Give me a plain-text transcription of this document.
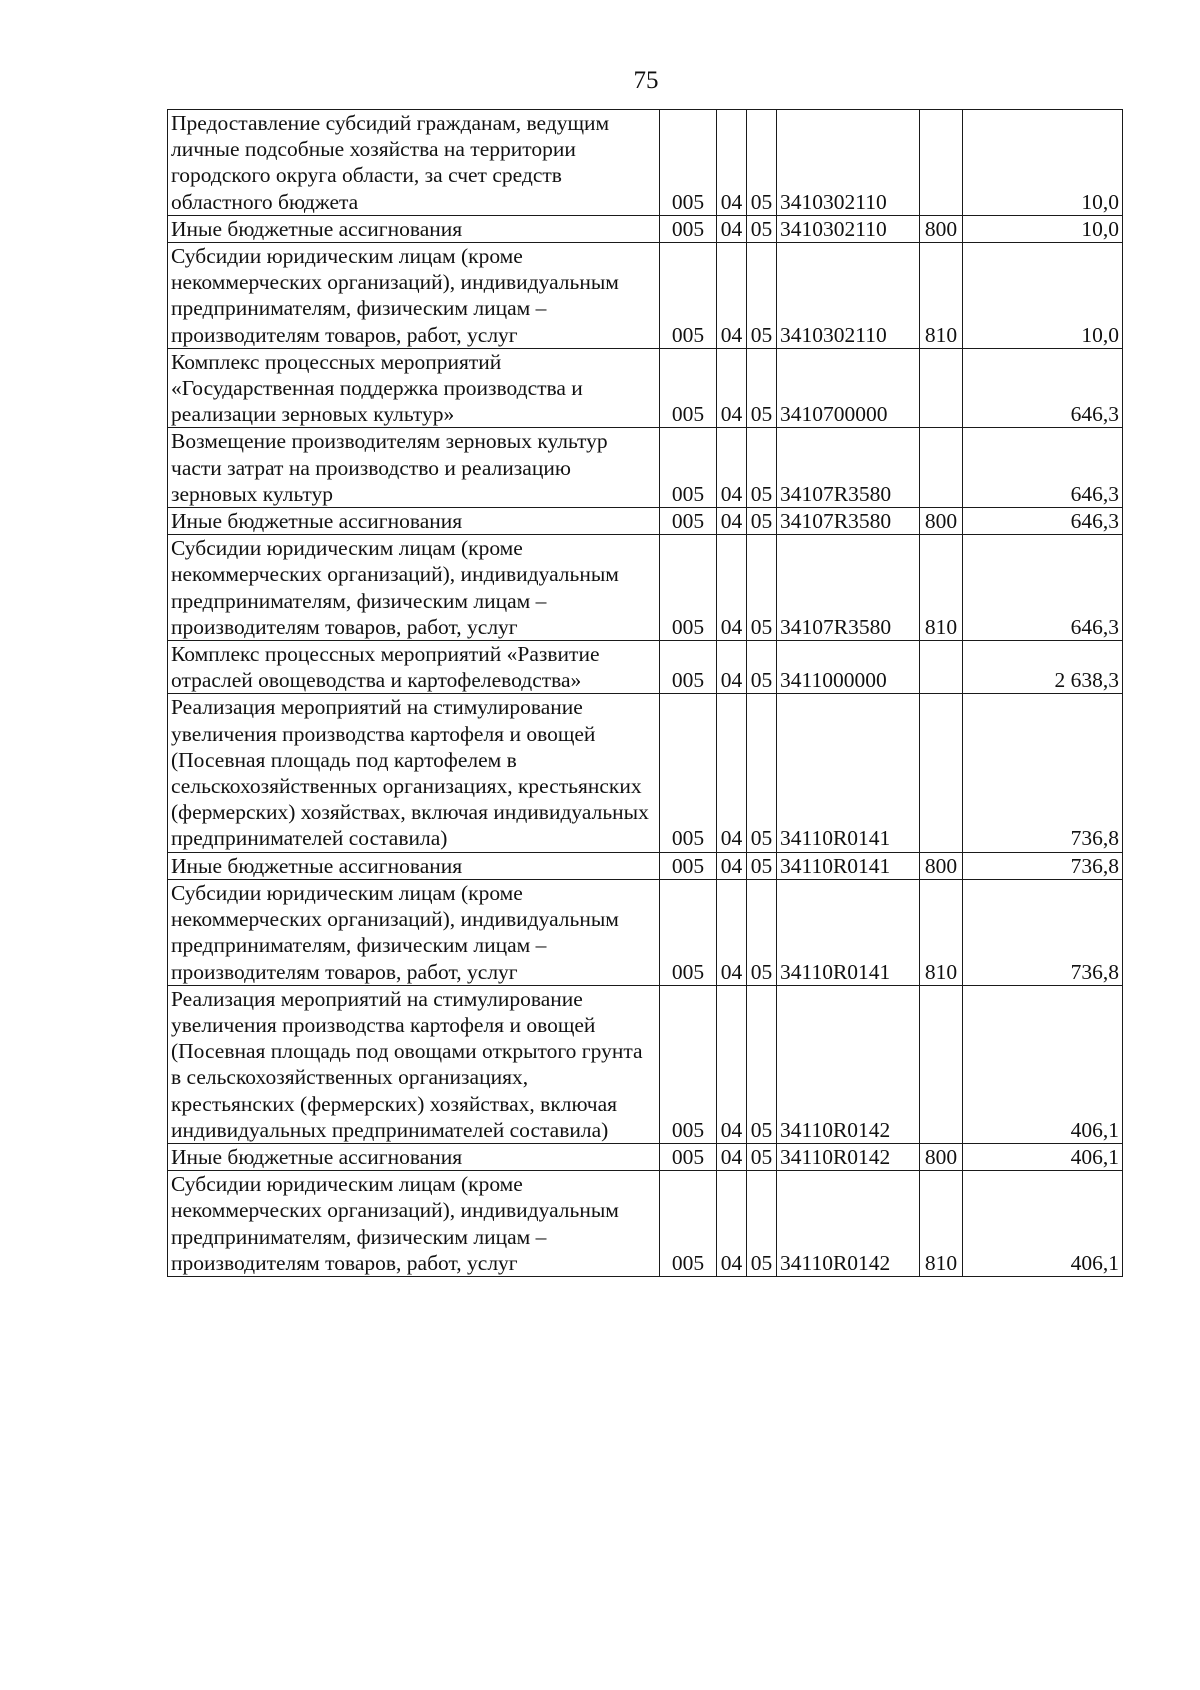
75
Предоставление субсидий гражданам, ведущим личные подсобные хозяйства на территории городского округа области, за счет средств областного бюджета	005	04	05	3410302110		10,0
Иные бюджетные ассигнования	005	04	05	3410302110	800	10,0
Субсидии юридическим лицам (кроме некоммерческих организаций), индивидуальным предпринимателям, физическим лицам – производителям товаров, работ, услуг	005	04	05	3410302110	810	10,0
Комплекс процессных мероприятий «Государственная поддержка производства и реализации зерновых культур»	005	04	05	3410700000		646,3
Возмещение производителям зерновых культур части затрат на производство и реализацию зерновых культур	005	04	05	34107R3580		646,3
Иные бюджетные ассигнования	005	04	05	34107R3580	800	646,3
Субсидии юридическим лицам (кроме некоммерческих организаций), индивидуальным предпринимателям, физическим лицам – производителям товаров, работ, услуг	005	04	05	34107R3580	810	646,3
Комплекс процессных мероприятий «Развитие отраслей овощеводства и картофелеводства»	005	04	05	3411000000		2 638,3
Реализация мероприятий на стимулирование увеличения производства картофеля и овощей (Посевная площадь под картофелем в сельскохозяйственных организациях, крестьянских (фермерских) хозяйствах, включая индивидуальных предпринимателей составила)	005	04	05	34110R0141		736,8
Иные бюджетные ассигнования	005	04	05	34110R0141	800	736,8
Субсидии юридическим лицам (кроме некоммерческих организаций), индивидуальным предпринимателям, физическим лицам – производителям товаров, работ, услуг	005	04	05	34110R0141	810	736,8
Реализация мероприятий на стимулирование увеличения производства картофеля и овощей (Посевная площадь под овощами открытого грунта в сельскохозяйственных организациях, крестьянских (фермерских) хозяйствах, включая индивидуальных предпринимателей составила)	005	04	05	34110R0142		406,1
Иные бюджетные ассигнования	005	04	05	34110R0142	800	406,1
Субсидии юридическим лицам (кроме некоммерческих организаций), индивидуальным предпринимателям, физическим лицам – производителям товаров, работ, услуг	005	04	05	34110R0142	810	406,1
